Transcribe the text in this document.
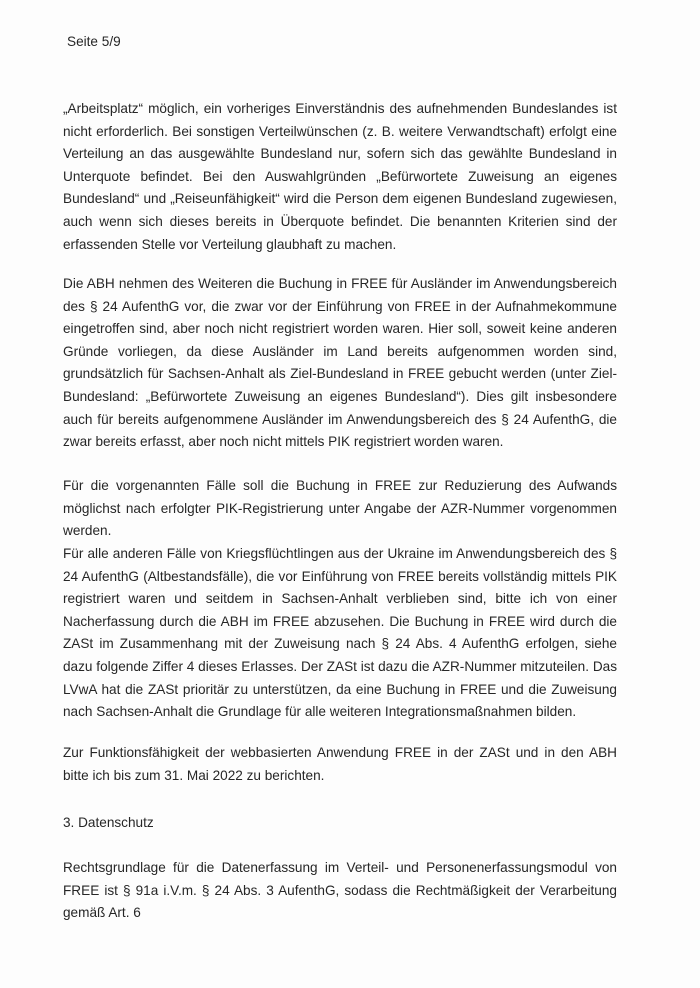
Seite 5/9

„Arbeitsplatz“ möglich, ein vorheriges Einverständnis des aufnehmenden Bundeslandes ist nicht erforderlich. Bei sonstigen Verteilwünschen (z. B. weitere Verwandtschaft) erfolgt eine Verteilung an das ausgewählte Bundesland nur, sofern sich das gewählte Bundesland in Unterquote befindet. Bei den Auswahlgründen „Befürwortete Zuweisung an eigenes Bundesland“ und „Reiseunfähigkeit“ wird die Person dem eigenen Bundesland zugewiesen, auch wenn sich dieses bereits in Überquote befindet. Die benannten Kriterien sind der erfassenden Stelle vor Verteilung glaubhaft zu machen.

Die ABH nehmen des Weiteren die Buchung in FREE für Ausländer im Anwendungsbereich des § 24 AufenthG vor, die zwar vor der Einführung von FREE in der Aufnahmekommune eingetroffen sind, aber noch nicht registriert worden waren. Hier soll, soweit keine anderen Gründe vorliegen, da diese Ausländer im Land bereits aufgenommen worden sind, grundsätzlich für Sachsen-Anhalt als Ziel-Bundesland in FREE gebucht werden (unter Ziel-Bundesland: „Befürwortete Zuweisung an eigenes Bundesland“). Dies gilt insbesondere auch für bereits aufgenommene Ausländer im Anwendungsbereich des § 24 AufenthG, die zwar bereits erfasst, aber noch nicht mittels PIK registriert worden waren.

Für die vorgenannten Fälle soll die Buchung in FREE zur Reduzierung des Aufwands möglichst nach erfolgter PIK-Registrierung unter Angabe der AZR-Nummer vorgenommen werden.

Für alle anderen Fälle von Kriegsflüchtlingen aus der Ukraine im Anwendungsbereich des § 24 AufenthG (Altbestandsfälle), die vor Einführung von FREE bereits vollständig mittels PIK registriert waren und seitdem in Sachsen-Anhalt verblieben sind, bitte ich von einer Nacherfassung durch die ABH im FREE abzusehen. Die Buchung in FREE wird durch die ZASt im Zusammenhang mit der Zuweisung nach § 24 Abs. 4 AufenthG erfolgen, siehe dazu folgende Ziffer 4 dieses Erlasses. Der ZASt ist dazu die AZR-Nummer mitzuteilen. Das LVwA hat die ZASt prioritär zu unterstützen, da eine Buchung in FREE und die Zuweisung nach Sachsen-Anhalt die Grundlage für alle weiteren Integrationsmaßnahmen bilden.

Zur Funktionsfähigkeit der webbasierten Anwendung FREE in der ZASt und in den ABH bitte ich bis zum 31. Mai 2022 zu berichten.

3. Datenschutz

Rechtsgrundlage für die Datenerfassung im Verteil- und Personenerfassungsmodul von FREE ist § 91a i.V.m. § 24 Abs. 3 AufenthG, sodass die Rechtmäßigkeit der Verarbeitung gemäß Art. 6
